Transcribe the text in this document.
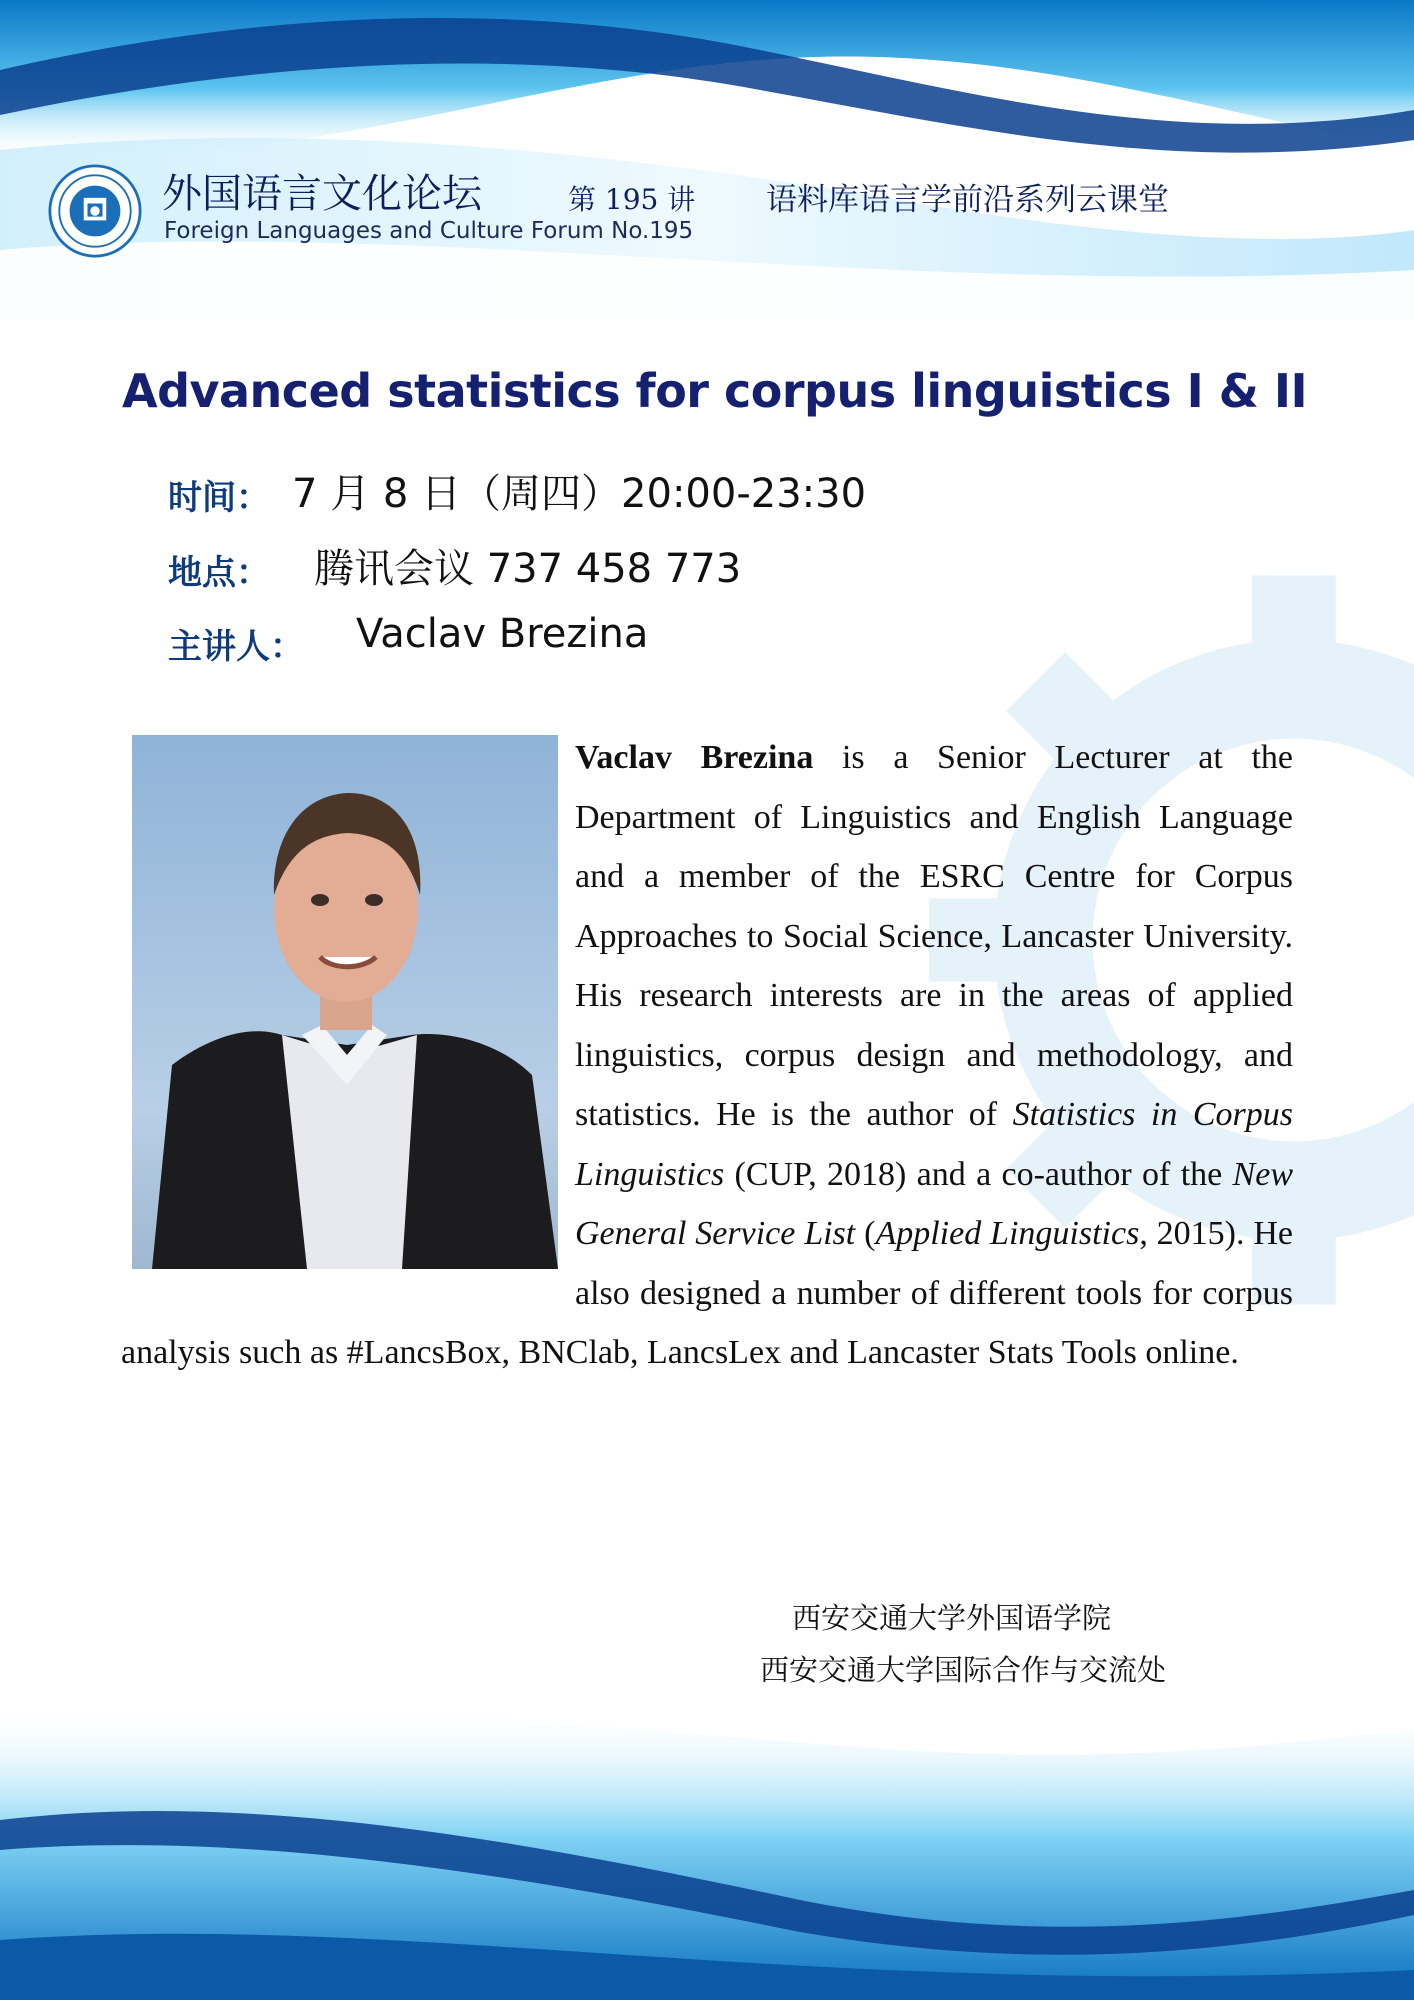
外国语言文化论坛	第 195 讲 语料库语言学前沿系列云课堂
Foreign Languages and Culture Forum No.195
Advanced statistics for corpus linguistics I & II
时间： 7 月 8 日（周四）20:00-23:30
地点： 腾讯会议 737 458 773
主讲人： Vaclav Brezina
Vaclav Brezina is a Senior Lecturer at the Department of Linguistics and English Language and a member of the ESRC Centre for Corpus Approaches to Social Science, Lancaster University. His research interests are in the areas of applied linguistics, corpus design and methodology, and statistics. He is the author of Statistics in Corpus Linguistics (CUP, 2018) and a co-author of the New General Service List (Applied Linguistics, 2015). He also designed a number of different tools for corpus analysis such as #LancsBox, BNClab, LancsLex and Lancaster Stats Tools online.
西安交通大学外国语学院
西安交通大学国际合作与交流处
